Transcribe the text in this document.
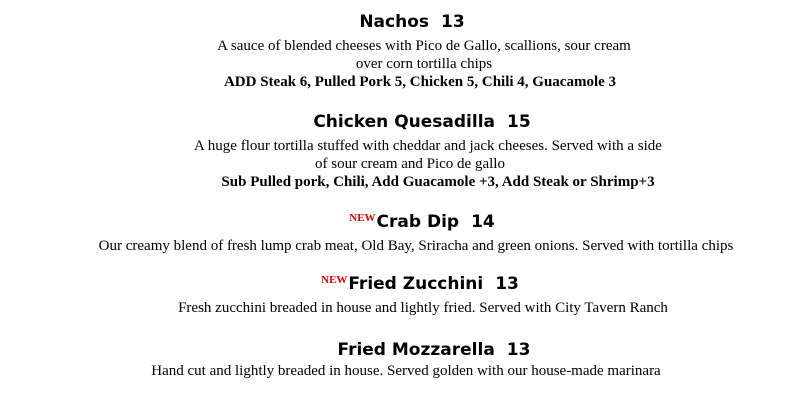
Nachos 13
A sauce of blended cheeses with Pico de Gallo, scallions, sour cream
over corn tortilla chips
ADD Steak 6, Pulled Pork 5, Chicken 5, Chili 4, Guacamole 3
Chicken Quesadilla 15
A huge flour tortilla stuffed with cheddar and jack cheeses. Served with a side
of sour cream and Pico de gallo
Sub Pulled pork, Chili, Add Guacamole +3, Add Steak or Shrimp+3
$^{NEW}$Crab Dip 14
Our creamy blend of fresh lump crab meat, Old Bay, Sriracha and green onions. Served with tortilla chips
$^{NEW}$Fried Zucchini 13
Fresh zucchini breaded in house and lightly fried. Served with City Tavern Ranch
Fried Mozzarella 13
Hand cut and lightly breaded in house. Served golden with our house-made marinara
